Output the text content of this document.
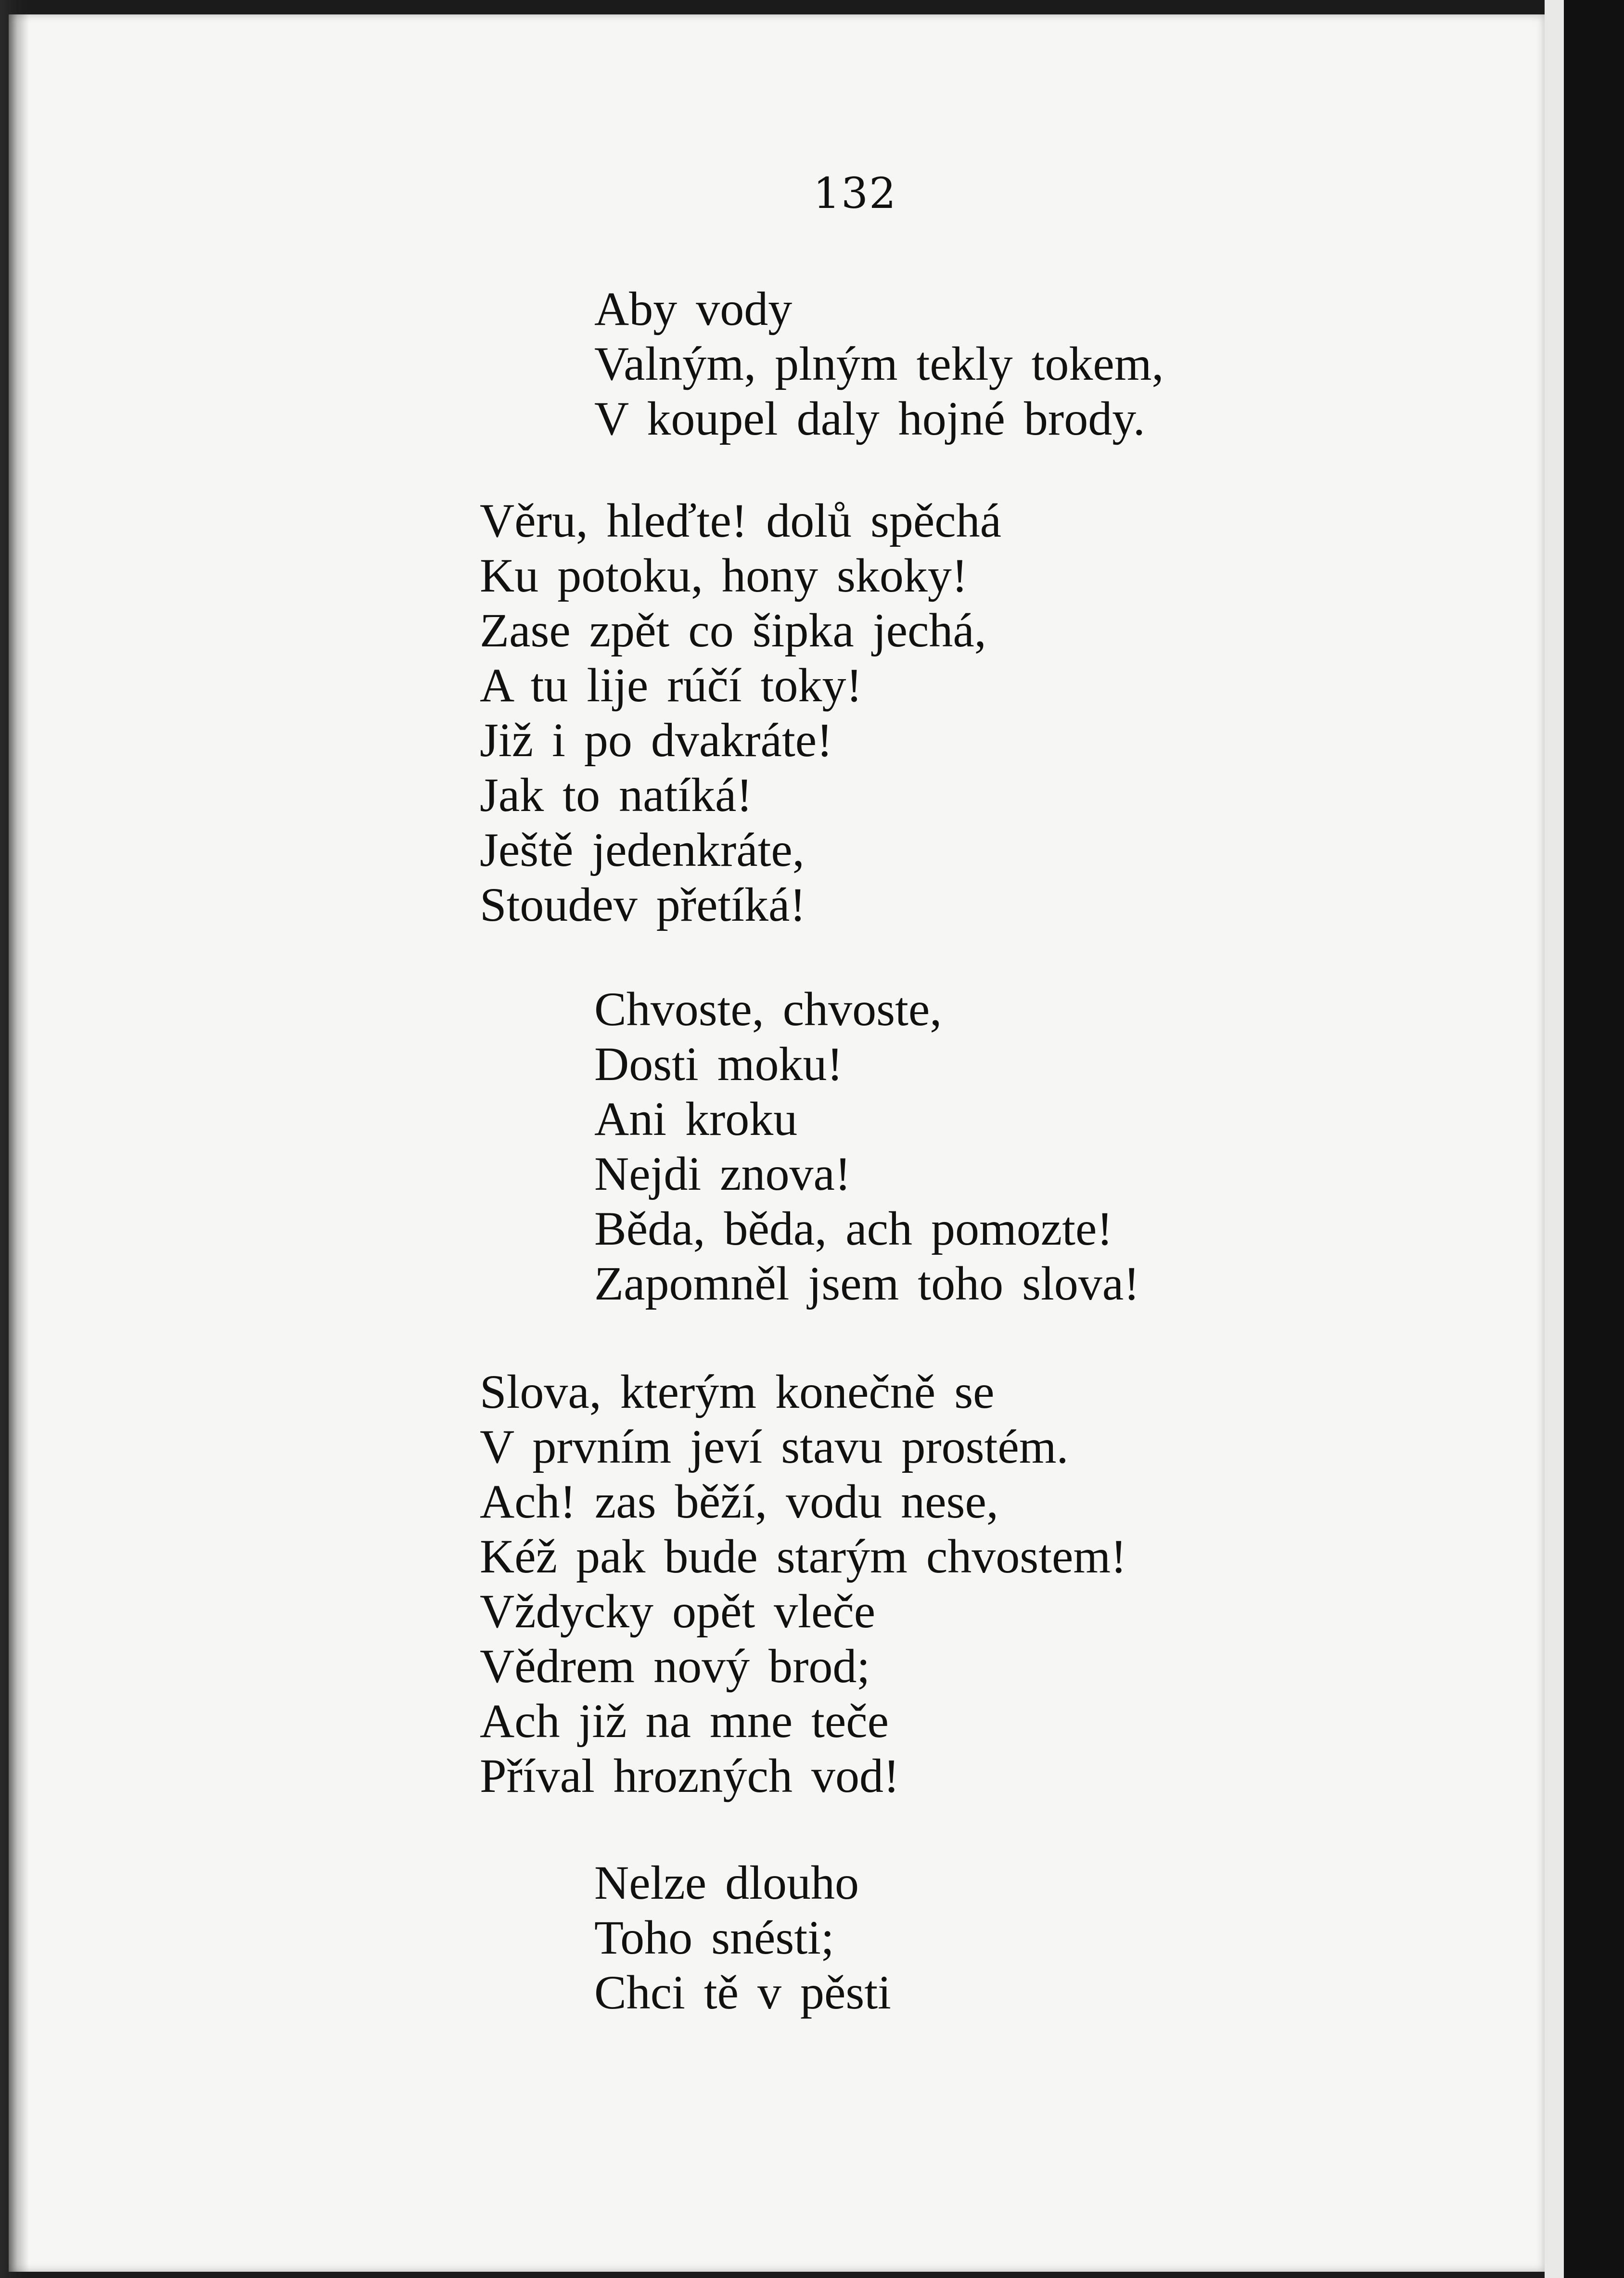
132
Aby vody
Valným, plným tekly tokem,
V koupel daly hojné brody.
Věru, hleďte! dolů spěchá
Ku potoku, hony skoky!
Zase zpět co šipka jechá,
A tu lije rúčí toky!
Již i po dvakráte!
Jak to natíká!
Ještě jedenkráte,
Stoudev přetíká!
Chvoste, chvoste,
Dosti moku!
Ani kroku
Nejdi znova!
Běda, běda, ach pomozte!
Zapomněl jsem toho slova!
Slova, kterým konečně se
V prvním jeví stavu prostém.
Ach! zas běží, vodu nese,
Kéž pak bude starým chvostem!
Vždycky opět vleče
Vědrem nový brod;
Ach již na mne teče
Příval hrozných vod!
Nelze dlouho
Toho snésti;
Chci tě v pěsti
